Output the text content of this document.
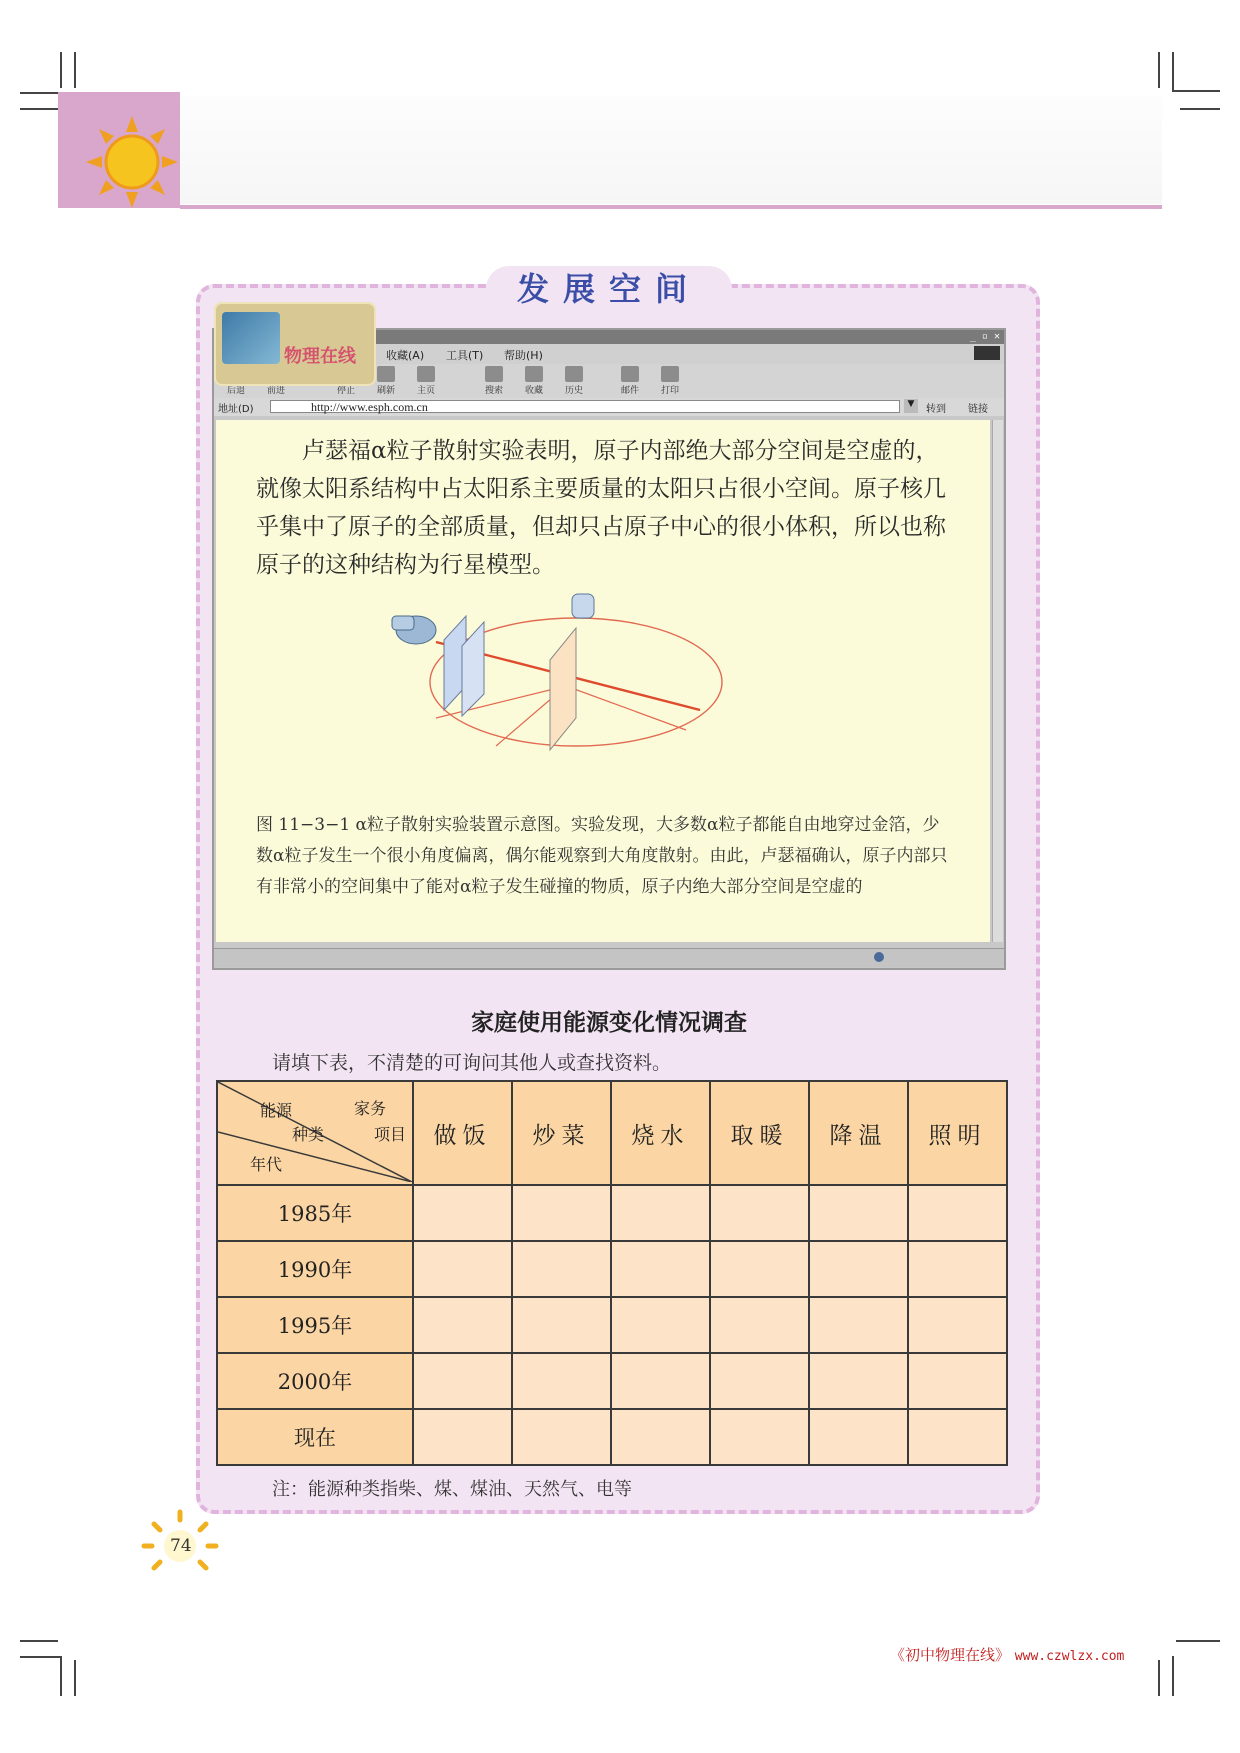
发展空间
_ ▫ ✕
收藏(A) 工具(T) 帮助(H)
后退	前进	停止	刷新	主页	搜索	收藏	历史	邮件	打印
地址(D)	http://www.esph.com.cn	▼	转到 链接
卢瑟福α粒子散射实验表明，原子内部绝大部分空间是空虚的，就像太阳系结构中占太阳系主要质量的太阳只占很小空间。原子核几乎集中了原子的全部质量，但却只占原子中心的很小体积，所以也称原子的这种结构为行星模型。
图 11−3−1 α粒子散射实验装置示意图。实验发现，大多数α粒子都能自由地穿过金箔，少数α粒子发生一个很小角度偏离，偶尔能观察到大角度散射。由此，卢瑟福确认，原子内部只有非常小的空间集中了能对α粒子发生碰撞的物质，原子内绝大部分空间是空虚的
物理在线
家庭使用能源变化情况调查
请填下表，不清楚的可询问其他人或查找资料。
能源
种类
家务
项目
年代	做饭	炒菜	烧水	取暖	降温	照明
1985年						
1990年						
1995年						
2000年						
现在						
注：能源种类指柴、煤、煤油、天然气、电等
74
《初中物理在线》 www.czwlzx.com
